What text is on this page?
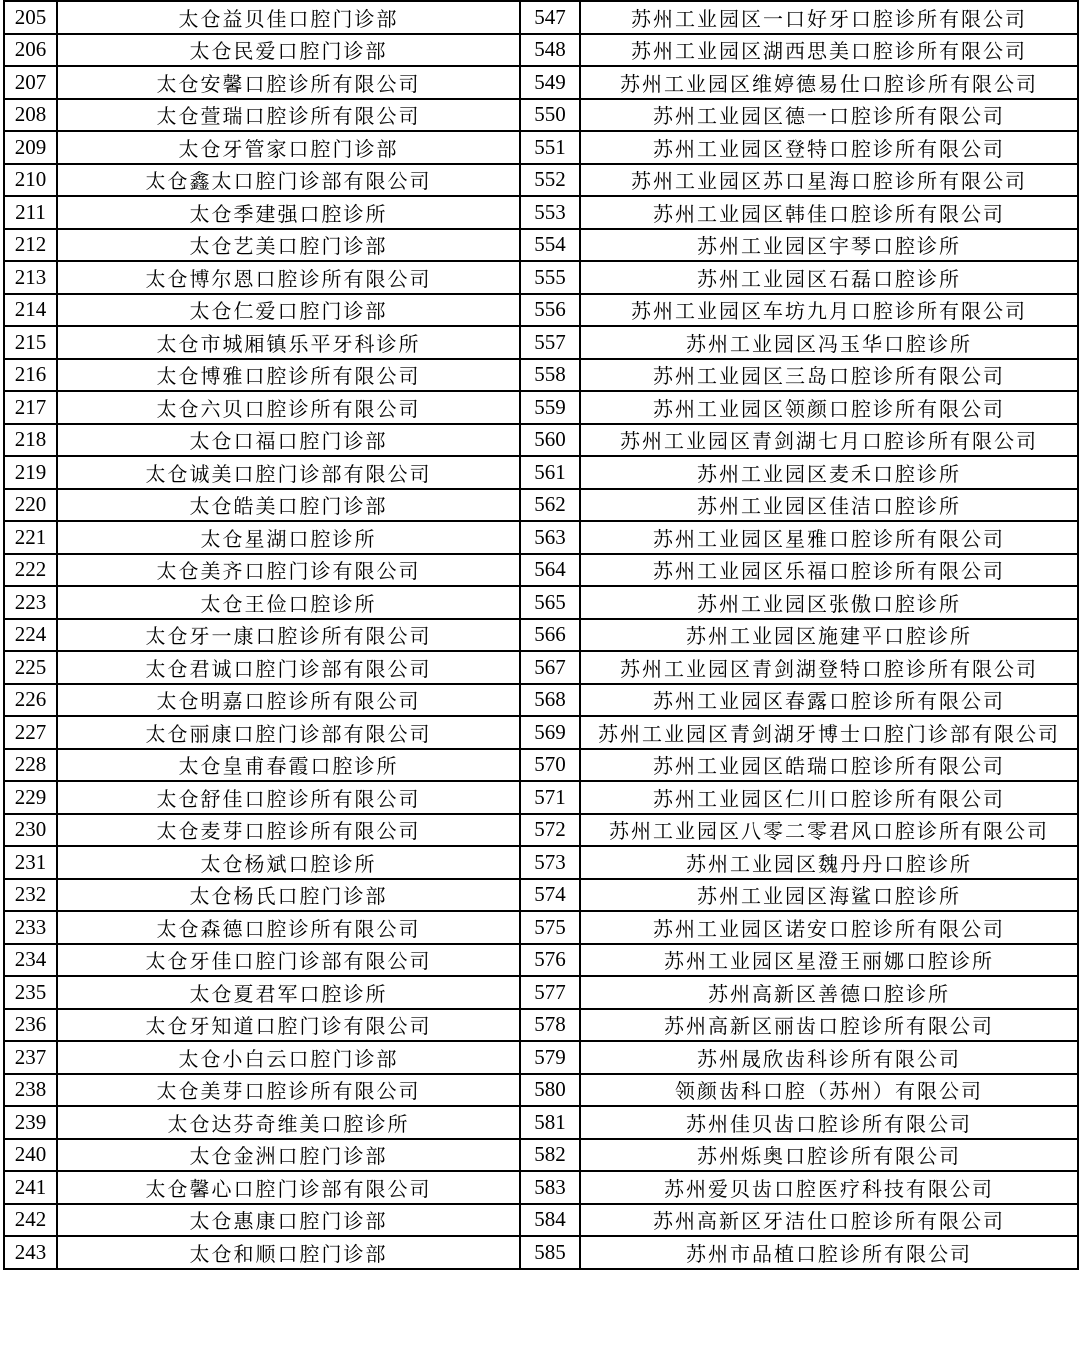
205	太仓益贝佳口腔门诊部	547	苏州工业园区一口好牙口腔诊所有限公司
206	太仓民爱口腔门诊部	548	苏州工业园区湖西思美口腔诊所有限公司
207	太仓安馨口腔诊所有限公司	549	苏州工业园区维婷德易仕口腔诊所有限公司
208	太仓萱瑞口腔诊所有限公司	550	苏州工业园区德一口腔诊所有限公司
209	太仓牙管家口腔门诊部	551	苏州工业园区登特口腔诊所有限公司
210	太仓鑫太口腔门诊部有限公司	552	苏州工业园区苏口星海口腔诊所有限公司
211	太仓季建强口腔诊所	553	苏州工业园区韩佳口腔诊所有限公司
212	太仓艺美口腔门诊部	554	苏州工业园区宇琴口腔诊所
213	太仓博尔恩口腔诊所有限公司	555	苏州工业园区石磊口腔诊所
214	太仓仁爱口腔门诊部	556	苏州工业园区车坊九月口腔诊所有限公司
215	太仓市城厢镇乐平牙科诊所	557	苏州工业园区冯玉华口腔诊所
216	太仓博雅口腔诊所有限公司	558	苏州工业园区三岛口腔诊所有限公司
217	太仓六贝口腔诊所有限公司	559	苏州工业园区领颜口腔诊所有限公司
218	太仓口福口腔门诊部	560	苏州工业园区青剑湖七月口腔诊所有限公司
219	太仓诚美口腔门诊部有限公司	561	苏州工业园区麦禾口腔诊所
220	太仓皓美口腔门诊部	562	苏州工业园区佳洁口腔诊所
221	太仓星湖口腔诊所	563	苏州工业园区星雅口腔诊所有限公司
222	太仓美齐口腔门诊有限公司	564	苏州工业园区乐福口腔诊所有限公司
223	太仓王俭口腔诊所	565	苏州工业园区张傲口腔诊所
224	太仓牙一康口腔诊所有限公司	566	苏州工业园区施建平口腔诊所
225	太仓君诚口腔门诊部有限公司	567	苏州工业园区青剑湖登特口腔诊所有限公司
226	太仓明嘉口腔诊所有限公司	568	苏州工业园区春露口腔诊所有限公司
227	太仓丽康口腔门诊部有限公司	569	苏州工业园区青剑湖牙博士口腔门诊部有限公司
228	太仓皇甫春霞口腔诊所	570	苏州工业园区皓瑞口腔诊所有限公司
229	太仓舒佳口腔诊所有限公司	571	苏州工业园区仁川口腔诊所有限公司
230	太仓麦芽口腔诊所有限公司	572	苏州工业园区八零二零君风口腔诊所有限公司
231	太仓杨斌口腔诊所	573	苏州工业园区魏丹丹口腔诊所
232	太仓杨氏口腔门诊部	574	苏州工业园区海鲨口腔诊所
233	太仓森德口腔诊所有限公司	575	苏州工业园区诺安口腔诊所有限公司
234	太仓牙佳口腔门诊部有限公司	576	苏州工业园区星澄王丽娜口腔诊所
235	太仓夏君军口腔诊所	577	苏州高新区善德口腔诊所
236	太仓牙知道口腔门诊有限公司	578	苏州高新区丽齿口腔诊所有限公司
237	太仓小白云口腔门诊部	579	苏州晟欣齿科诊所有限公司
238	太仓美芽口腔诊所有限公司	580	领颜齿科口腔（苏州）有限公司
239	太仓达芬奇维美口腔诊所	581	苏州佳贝齿口腔诊所有限公司
240	太仓金洲口腔门诊部	582	苏州烁奥口腔诊所有限公司
241	太仓馨心口腔门诊部有限公司	583	苏州爱贝齿口腔医疗科技有限公司
242	太仓惠康口腔门诊部	584	苏州高新区牙洁仕口腔诊所有限公司
243	太仓和顺口腔门诊部	585	苏州市品植口腔诊所有限公司
